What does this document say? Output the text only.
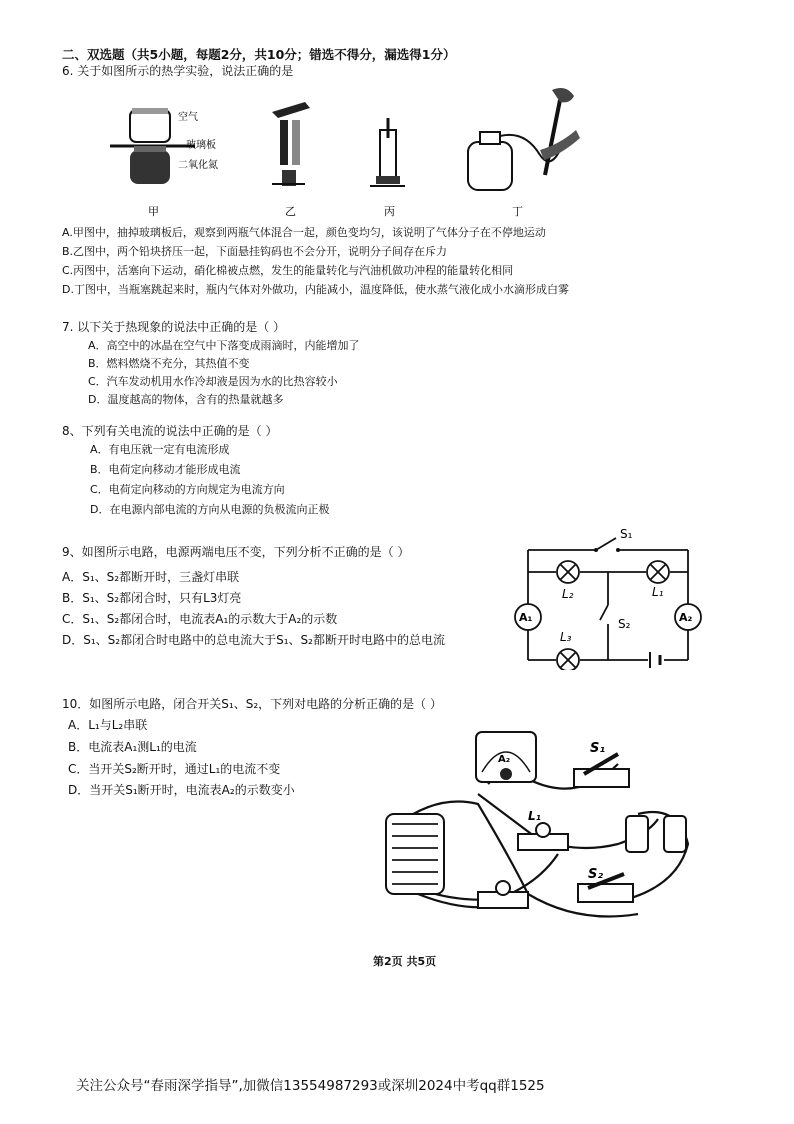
二、双选题（共5小题，每题2分，共10分；错选不得分，漏选得1分）
6. 关于如图所示的热学实验，说法正确的是
空气
玻璃板
二氧化氮
甲	乙	丙	丁
A.甲图中，抽掉玻璃板后，观察到两瓶气体混合一起，颜色变均匀，该说明了气体分子在不停地运动
B.乙图中，两个铅块挤压一起，下面悬挂钩码也不会分开，说明分子间存在斥力
C.丙图中，活塞向下运动，硝化棉被点燃，发生的能量转化与汽油机做功冲程的能量转化相同
D.丁图中，当瓶塞跳起来时，瓶内气体对外做功，内能减小，温度降低，使水蒸气液化成小水滴形成白雾
7. 以下关于热现象的说法中正确的是（ ）
A．高空中的冰晶在空气中下落变成雨滴时，内能增加了
B．燃料燃烧不充分，其热值不变
C．汽车发动机用水作冷却液是因为水的比热容较小
D．温度越高的物体，含有的热量就越多
8、下列有关电流的说法中正确的是（ ）
A．有电压就一定有电流形成
B．电荷定向移动才能形成电流
C．电荷定向移动的方向规定为电流方向
D．在电源内部电流的方向从电源的负极流向正极
9、如图所示电路，电源两端电压不变，下列分析不正确的是（ ）
A．S₁、S₂都断开时，三盏灯串联
B．S₁、S₂都闭合时，只有L3灯亮
C．S₁、S₂都闭合时，电流表A₁的示数大于A₂的示数
D．S₁、S₂都闭合时电路中的总电流大于S₁、S₂都断开时电路中的总电流
A₁	A₂
S₁
S₂
L₂	L₁
L₃
10．如图所示电路，闭合开关S₁、S₂，下列对电路的分析正确的是（ ）
A．L₁与L₂串联
B．电流表A₁测L₁的电流
C．当开关S₂断开时，通过L₁的电流不变
D．当开关S₁断开时，电流表A₂的示数变小
A₂
S₁
S₂
L₁
第2页 共5页
关注公众号“春雨深学指导”,加微信13554987293或深圳2024中考qq群1525
